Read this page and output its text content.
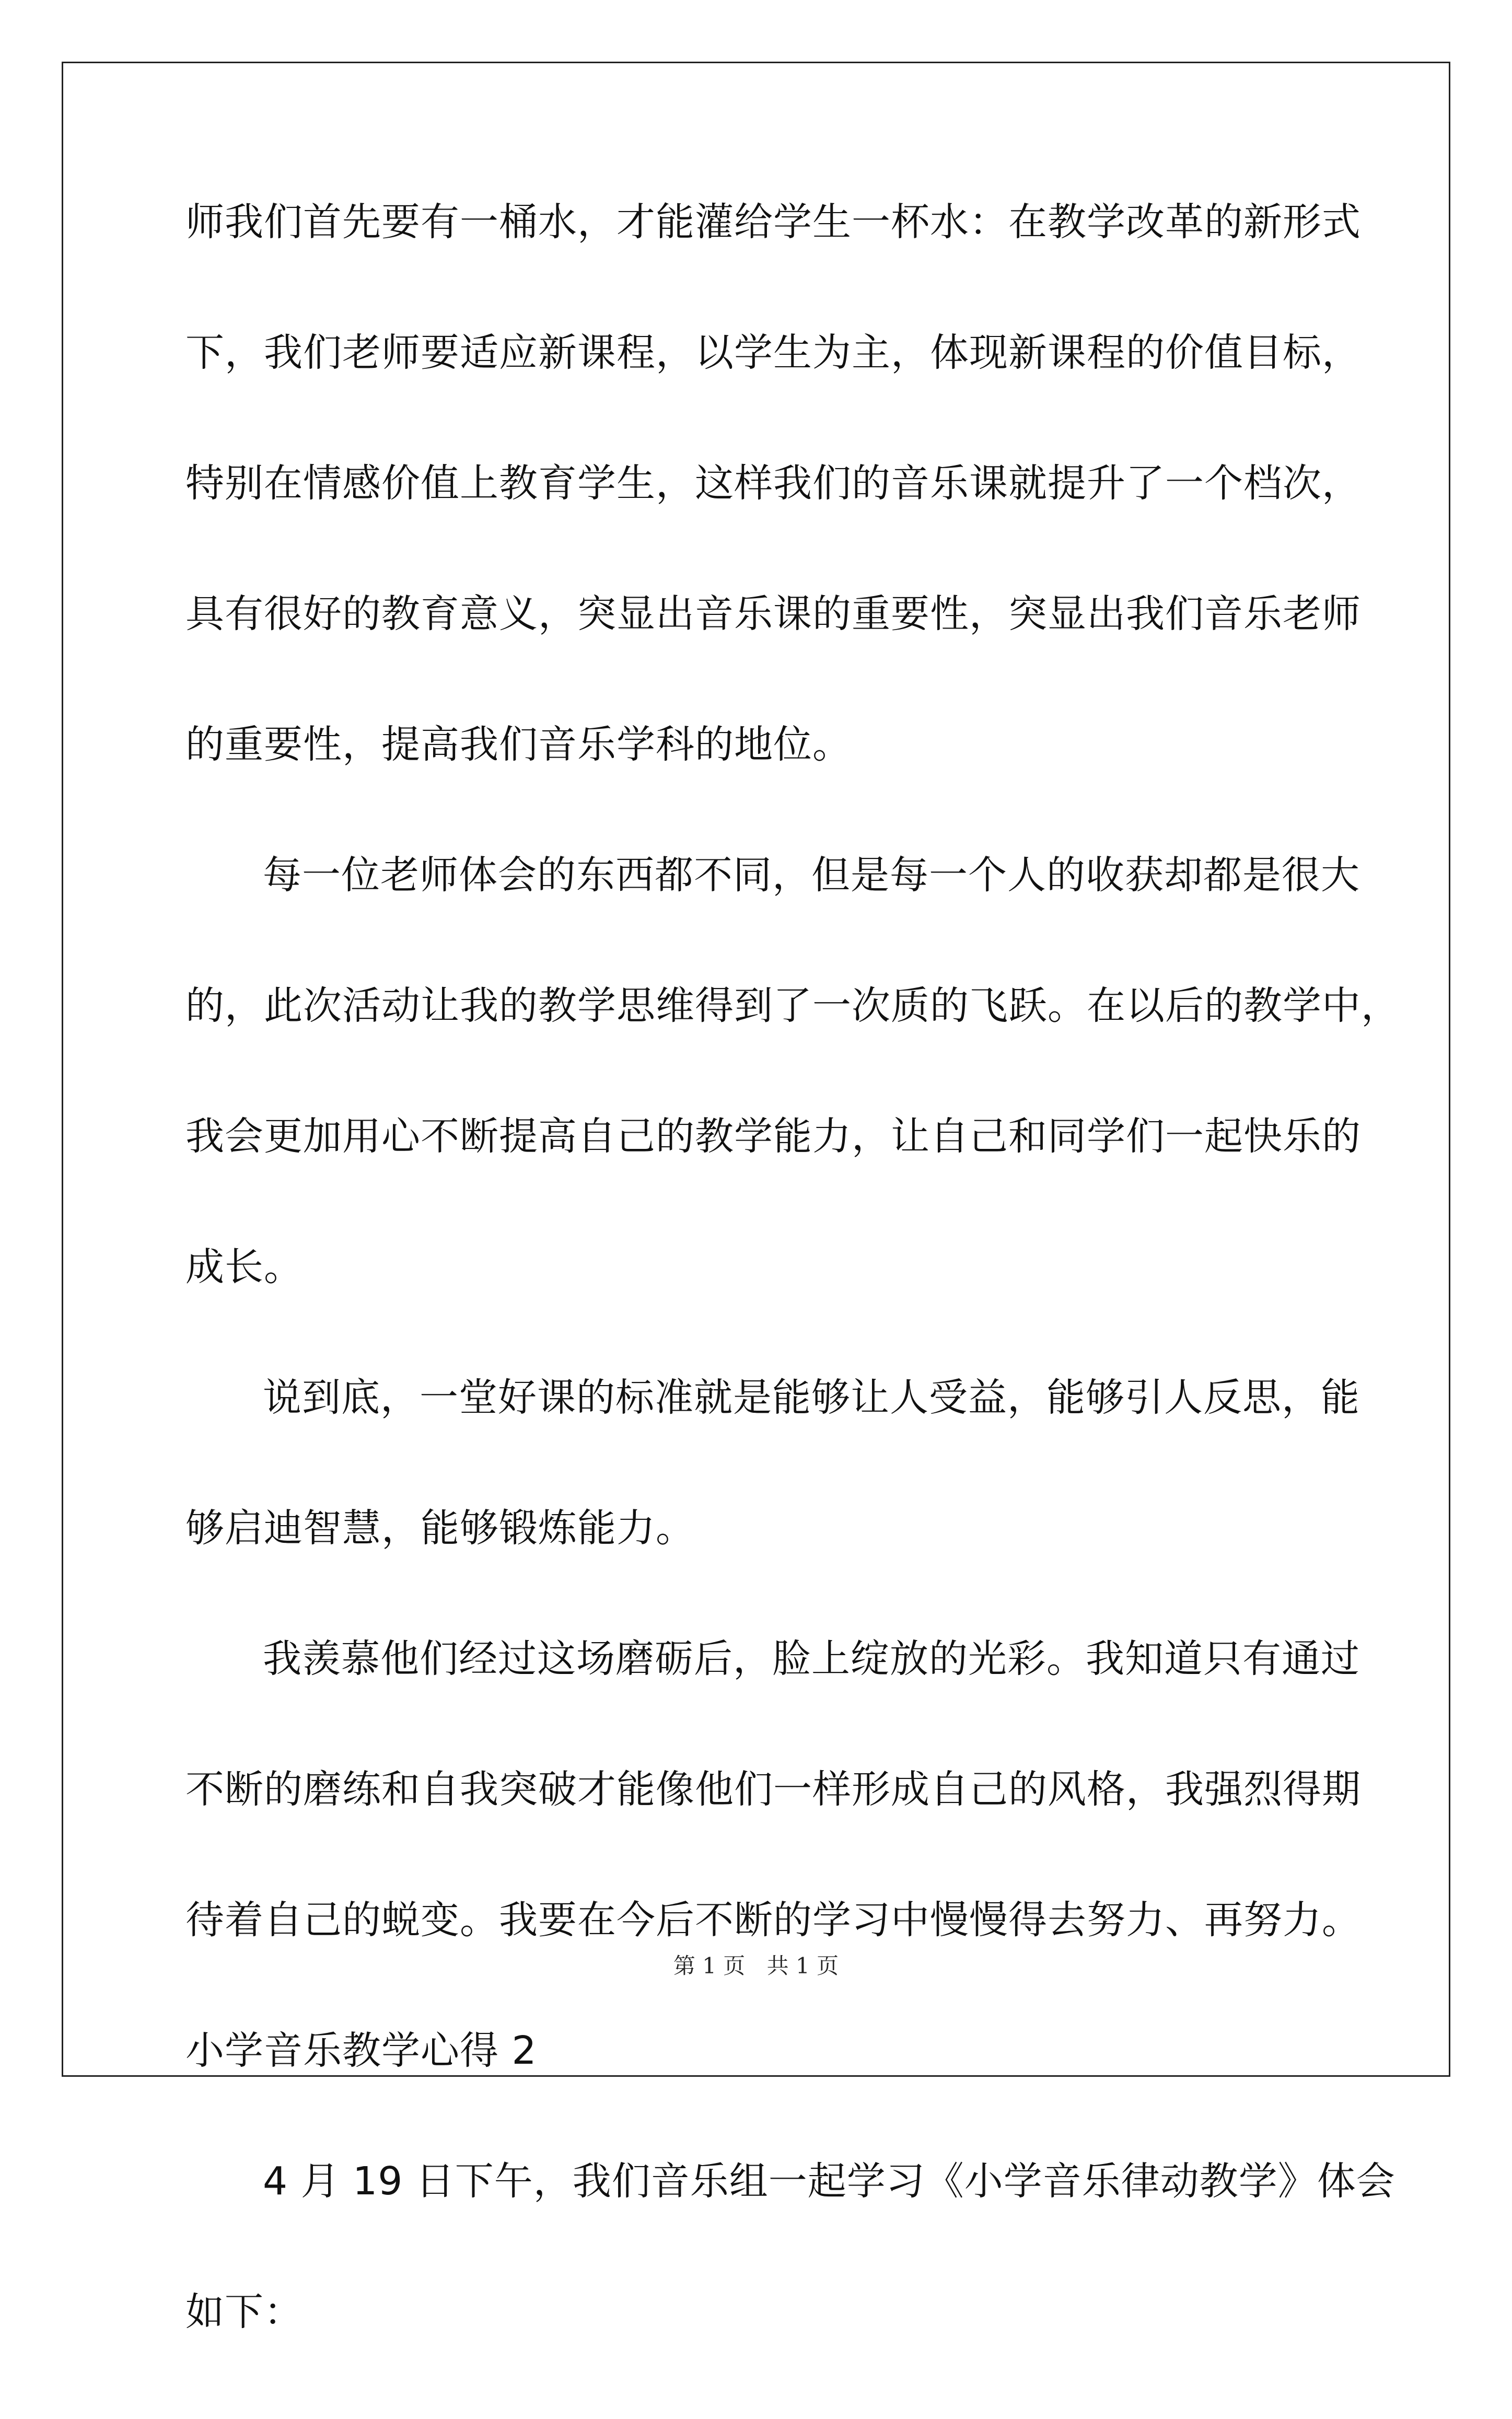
师我们首先要有一桶水，才能灌给学生一杯水：在教学改革的新形式
下，我们老师要适应新课程，以学生为主，体现新课程的价值目标，
特别在情感价值上教育学生，这样我们的音乐课就提升了一个档次，
具有很好的教育意义，突显出音乐课的重要性，突显出我们音乐老师
的重要性，提高我们音乐学科的地位。
每一位老师体会的东西都不同，但是每一个人的收获却都是很大
的，此次活动让我的教学思维得到了一次质的飞跃。在以后的教学中，
我会更加用心不断提高自己的教学能力，让自己和同学们一起快乐的
成长。
说到底，一堂好课的标准就是能够让人受益，能够引人反思，能
够启迪智慧，能够锻炼能力。
我羡慕他们经过这场磨砺后，脸上绽放的光彩。我知道只有通过
不断的磨练和自我突破才能像他们一样形成自己的风格，我强烈得期
待着自己的蜕变。我要在今后不断的学习中慢慢得去努力、再努力。
小学音乐教学心得 2
4 月 19 日下午，我们音乐组一起学习《小学音乐律动教学》体会
如下：
第 1 页 共 1 页
